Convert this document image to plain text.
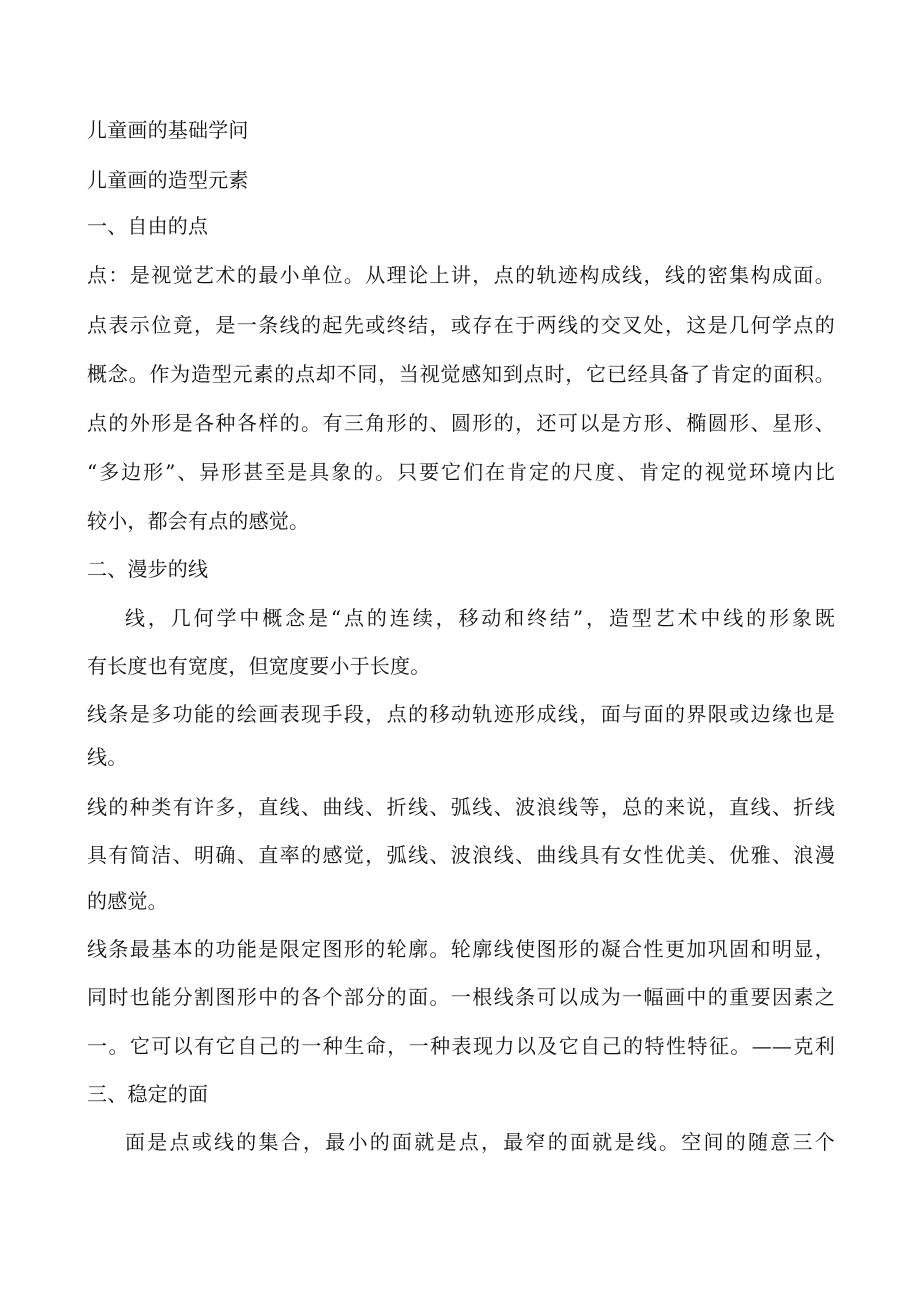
儿童画的基础学问
儿童画的造型元素
一、自由的点
点：是视觉艺术的最小单位。从理论上讲，点的轨迹构成线，线的密集构成面。
点表示位竟，是一条线的起先或终结，或存在于两线的交叉处，这是几何学点的
概念。作为造型元素的点却不同，当视觉感知到点时，它已经具备了肯定的面积。
点的外形是各种各样的。有三角形的、圆形的，还可以是方形、椭圆形、星形、
“多边形”、异形甚至是具象的。只要它们在肯定的尺度、肯定的视觉环境内比
较小，都会有点的感觉。
二、漫步的线
线，几何学中概念是“点的连续，移动和终结”，造型艺术中线的形象既
有长度也有宽度，但宽度要小于长度。
线条是多功能的绘画表现手段，点的移动轨迹形成线，面与面的界限或边缘也是
线。
线的种类有许多，直线、曲线、折线、弧线、波浪线等，总的来说，直线、折线
具有简洁、明确、直率的感觉，弧线、波浪线、曲线具有女性优美、优雅、浪漫
的感觉。
线条最基本的功能是限定图形的轮廓。轮廓线使图形的凝合性更加巩固和明显，
同时也能分割图形中的各个部分的面。一根线条可以成为一幅画中的重要因素之
一。它可以有它自己的一种生命，一种表现力以及它自己的特性特征。——克利
三、稳定的面
面是点或线的集合，最小的面就是点，最窄的面就是线。空间的随意三个
